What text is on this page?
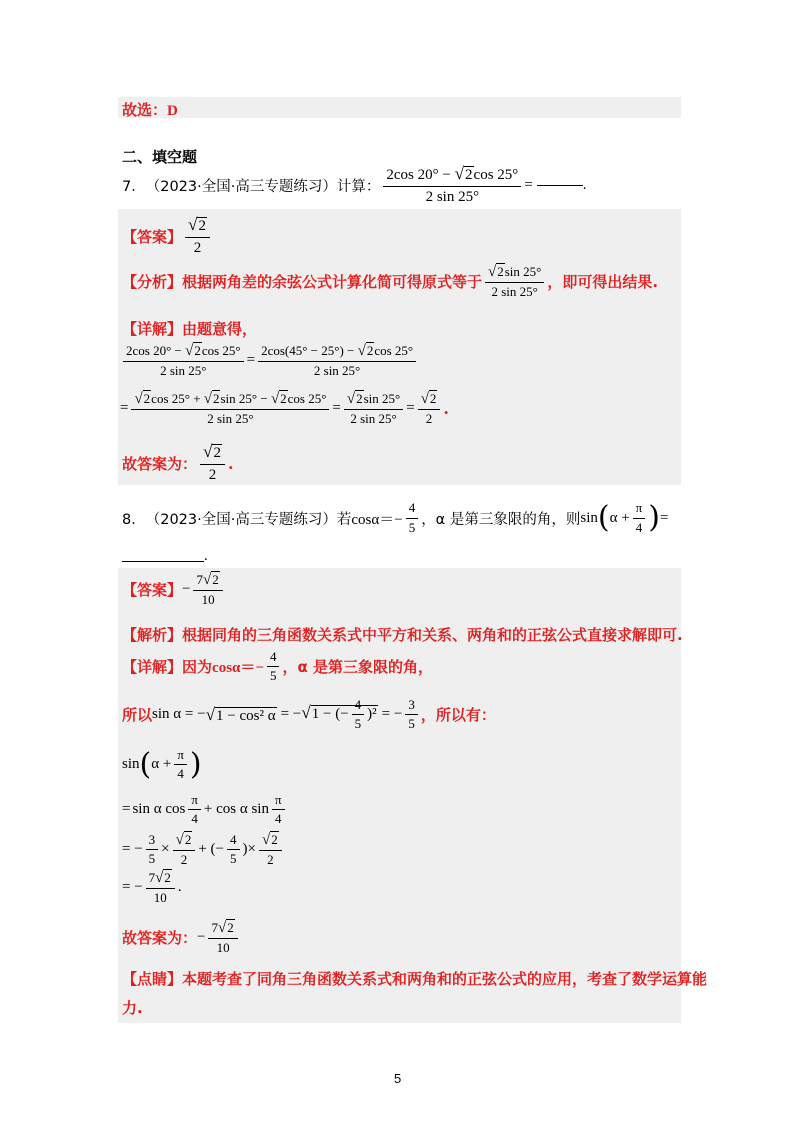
故选：D
二、填空题
7． （2023·全国·高三专题练习）计算： $\frac{2\cos 20^\circ - √2\cos 25^\circ}{2 \sin 25^\circ}$ =	.
【答案】 $\frac{√2}{2}$
【分析】 根据两角差的余弦公式计算化简可得原式等于 $\frac{√2\sin 25^\circ}{2 \sin 25^\circ}$ ，即可得出结果.
【详解】 由题意得，
$\frac{2\cos 20^\circ - √2\cos 25^\circ}{2 \sin 25^\circ} = \frac{2\cos(45^\circ - 25^\circ) - √2\cos 25^\circ}{2 \sin 25^\circ}$
= $\frac{√2\cos 25^\circ + √2\sin 25^\circ - √2\cos 25^\circ}{2 \sin 25^\circ} = \frac{√2\sin 25^\circ}{2 \sin 25^\circ} = \frac{√2}{2}$ .
故答案为： $\frac{√2}{2}$ .
8． （2023·全国·高三专题练习）若 $\cos\alpha=- \frac{4}{5}$ ，α 是第三象限的角，则 sin ( $\alpha + \frac{\pi}{4}$ ) =
.
【答案】 − $\frac{7√2}{10}$
【解析】 根据同角的三角函数关系式中平方和关系、两角和的正弦公式直接求解即可.
【详解】 因为 $\cos\alpha=- \frac{4}{5}$ ，α 是第三象限的角，
所以 sin α = − √1 − cos² α = − √1 − (− $\frac{4}{5} )^2$ = − $\frac{3}{5}$ ，所以有：
sin ( $\alpha + \frac{\pi}{4}$ )
= sin α $\cos \frac{\pi}{4} + \cos \alpha$ $\sin \frac{\pi}{4}$
= − $\frac{3}{5} \times \frac{√2}{2}$ + (− $\frac{4}{5}$ )× $\frac{√2}{2}$
= − $\frac{7√2}{10}$ .
故答案为： − $\frac{7√2}{10}$
【点睛】 本题考查了同角三角函数关系式和两角和的正弦公式的应用，考查了数学运算能
力.
5
